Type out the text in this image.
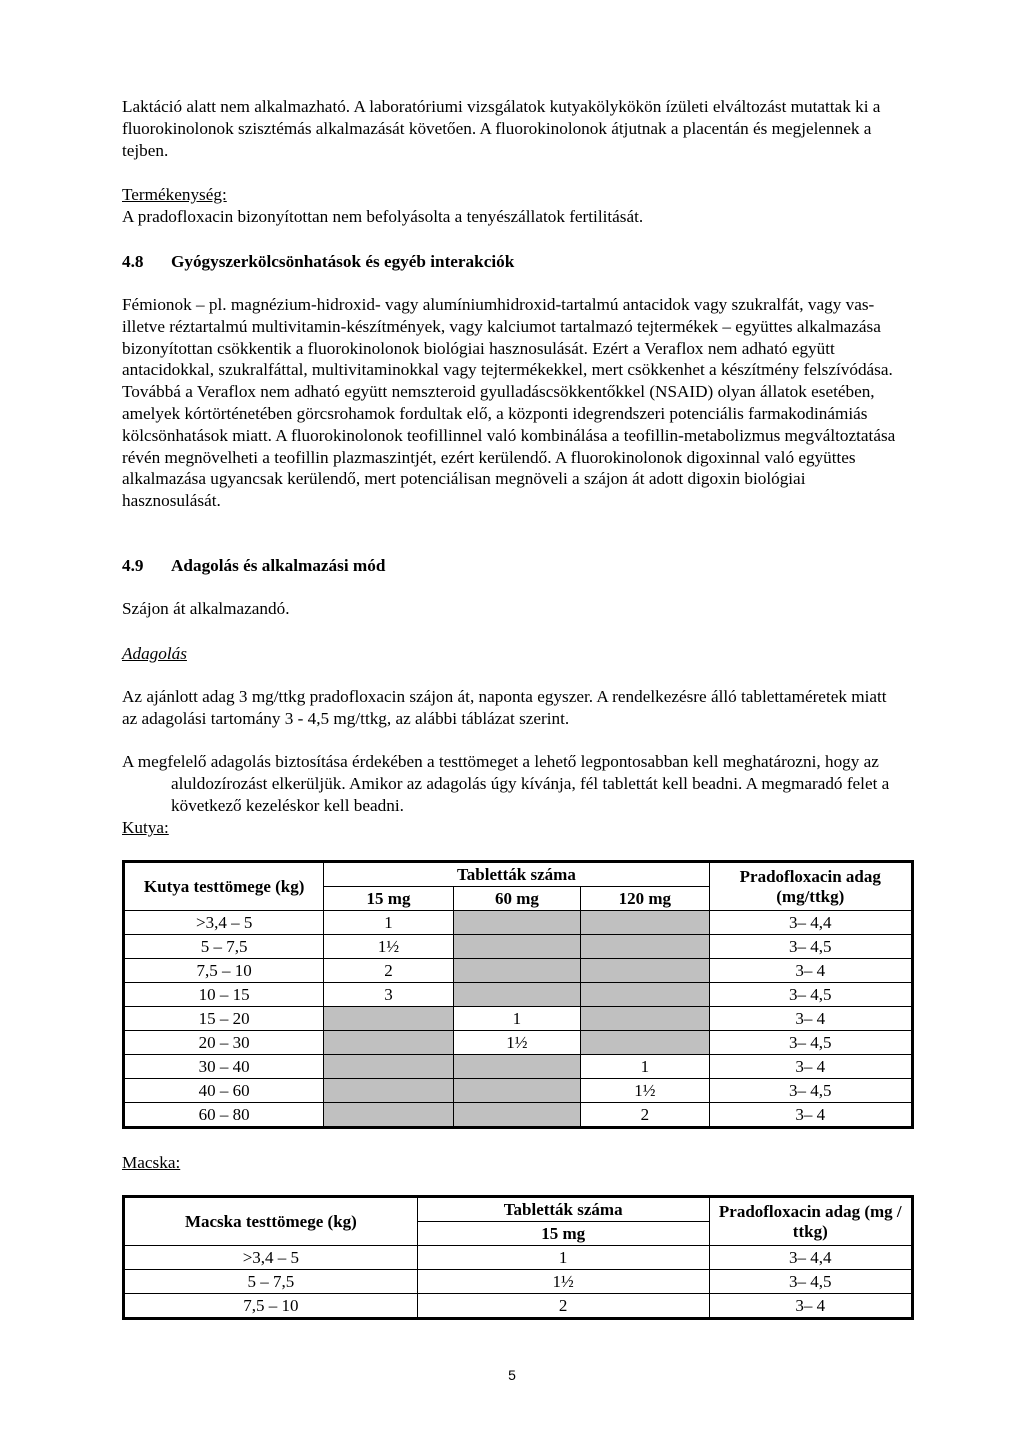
Laktáció alatt nem alkalmazható. A laboratóriumi vizsgálatok kutyakölykökön ízületi elváltozást mutattak ki a fluorokinolonok szisztémás alkalmazását követően. A fluorokinolonok átjutnak a placentán és megjelennek a tejben.

Termékenység:

A pradofloxacin bizonyítottan nem befolyásolta a tenyészállatok fertilitását.

4.8 Gyógyszerkölcsönhatások és egyéb interakciók

Fémionok – pl. magnézium-hidroxid- vagy alumíniumhidroxid-tartalmú antacidok vagy szukralfát, vagy vas- illetve réztartalmú multivitamin-készítmények, vagy kalciumot tartalmazó tejtermékek – együttes alkalmazása bizonyítottan csökkentik a fluorokinolonok biológiai hasznosulását. Ezért a Veraflox nem adható együtt antacidokkal, szukralfáttal, multivitaminokkal vagy tejtermékekkel, mert csökkenhet a készítmény felszívódása. Továbbá a Veraflox nem adható együtt nemszteroid gyulladáscsökkentőkkel (NSAID) olyan állatok esetében, amelyek kórtörténetében görcsrohamok fordultak elő, a központi idegrendszeri potenciális farmakodinámiás kölcsönhatások miatt. A fluorokinolonok teofillinnel való kombinálása a teofillin-metabolizmus megváltoztatása révén megnövelheti a teofillin plazmaszintjét, ezért kerülendő. A fluorokinolonok digoxinnal való együttes alkalmazása ugyancsak kerülendő, mert potenciálisan megnöveli a szájon át adott digoxin biológiai hasznosulását.

4.9 Adagolás és alkalmazási mód

Szájon át alkalmazandó.

Adagolás

Az ajánlott adag 3 mg/ttkg pradofloxacin szájon át, naponta egyszer. A rendelkezésre álló tablettaméretek miatt az adagolási tartomány 3 - 4,5 mg/ttkg, az alábbi táblázat szerint.

A megfelelő adagolás biztosítása érdekében a testtömeget a lehető legpontosabban kell meghatározni, hogy az aluldozírozást elkerüljük. Amikor az adagolás úgy kívánja, fél tablettát kell beadni. A megmaradó felet a következő kezeléskor kell beadni.

Kutya:

Kutya testtömege (kg)	Tabletták száma			Pradofloxacin adag (mg/ttkg)
	15 mg	60 mg	120 mg	
>3,4 – 5	1			3– 4,4
5 – 7,5	1½			3– 4,5
7,5 – 10	2			3– 4
10 – 15	3			3– 4,5
15 – 20		1		3– 4
20 – 30		1½		3– 4,5
30 – 40			1	3– 4
40 – 60			1½	3– 4,5
60 – 80			2	3– 4

Macska:

Macska testtömege (kg)	Tabletták száma	Pradofloxacin adag (mg / ttkg)
	15 mg	
>3,4 – 5	1	3– 4,4
5 – 7,5	1½	3– 4,5
7,5 – 10	2	3– 4
5
